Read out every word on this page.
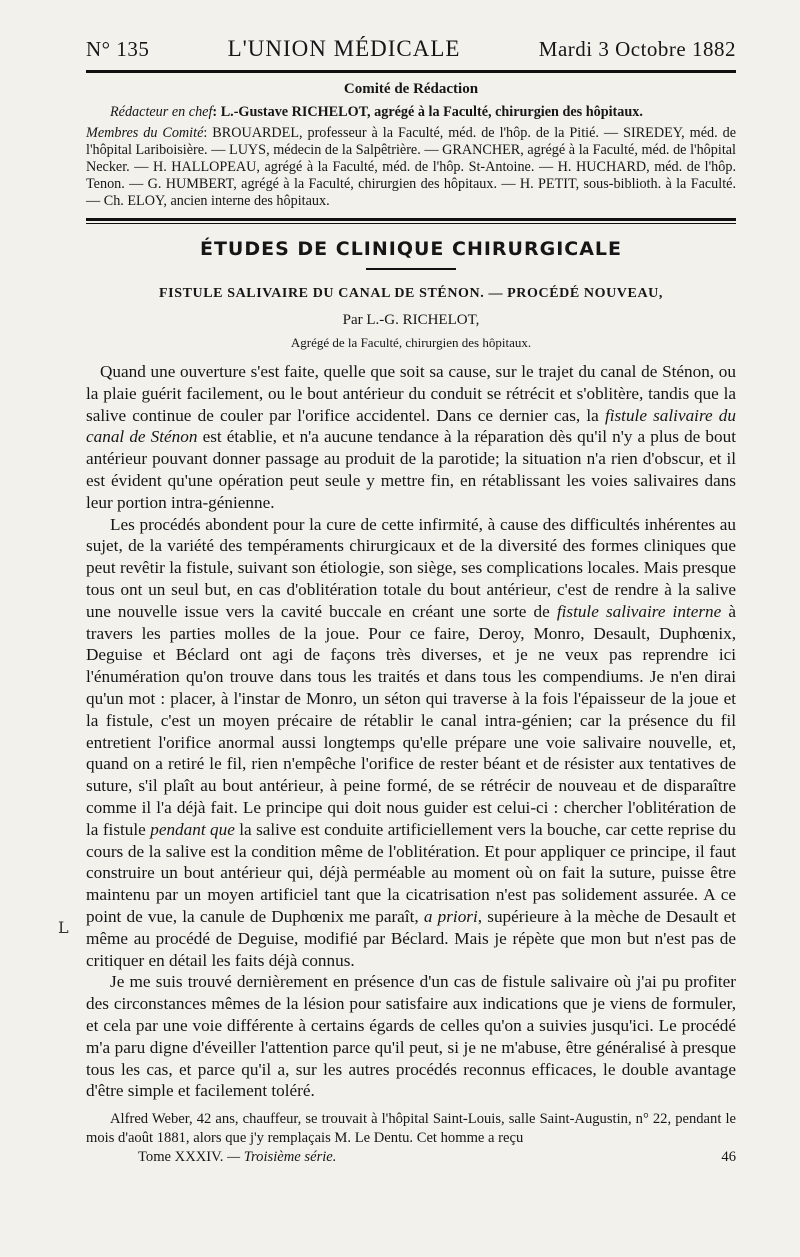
N° 135	L'UNION MÉDICALE	Mardi 3 Octobre 1882
Comité de Rédaction

Rédacteur en chef: L.-Gustave RICHELOT, agrégé à la Faculté, chirurgien des hôpitaux.

Membres du Comité: BROUARDEL, professeur à la Faculté, méd. de l'hôp. de la Pitié. — SIREDEY, méd. de l'hôpital Lariboisière. — LUYS, médecin de la Salpêtrière. — GRANCHER, agrégé à la Faculté, méd. de l'hôpital Necker. — H. HALLOPEAU, agrégé à la Faculté, méd. de l'hôp. St-Antoine. — H. HUCHARD, méd. de l'hôp. Tenon. — G. HUMBERT, agrégé à la Faculté, chirurgien des hôpitaux. — H. PETIT, sous-biblioth. à la Faculté. — Ch. ELOY, ancien interne des hôpitaux.

ÉTUDES DE CLINIQUE CHIRURGICALE
FISTULE SALIVAIRE DU CANAL DE STÉNON. — PROCÉDÉ NOUVEAU,
Par L.-G. RICHELOT,
Agrégé de la Faculté, chirurgien des hôpitaux.

Quand une ouverture s'est faite, quelle que soit sa cause, sur le trajet du canal de Sténon, ou la plaie guérit facilement, ou le bout antérieur du conduit se rétrécit et s'oblitère, tandis que la salive continue de couler par l'orifice accidentel. Dans ce dernier cas, la fistule salivaire du canal de Sténon est établie, et n'a aucune tendance à la réparation dès qu'il n'y a plus de bout antérieur pouvant donner passage au produit de la parotide; la situation n'a rien d'obscur, et il est évident qu'une opération peut seule y mettre fin, en rétablissant les voies salivaires dans leur portion intra-génienne.

Les procédés abondent pour la cure de cette infirmité, à cause des difficultés inhérentes au sujet, de la variété des tempéraments chirurgicaux et de la diversité des formes cliniques que peut revêtir la fistule, suivant son étiologie, son siège, ses complications locales. Mais presque tous ont un seul but, en cas d'oblitération totale du bout antérieur, c'est de rendre à la salive une nouvelle issue vers la cavité buccale en créant une sorte de fistule salivaire interne à travers les parties molles de la joue. Pour ce faire, Deroy, Monro, Desault, Duphœnix, Deguise et Béclard ont agi de façons très diverses, et je ne veux pas reprendre ici l'énumération qu'on trouve dans tous les traités et dans tous les compendiums. Je n'en dirai qu'un mot : placer, à l'instar de Monro, un séton qui traverse à la fois l'épaisseur de la joue et la fistule, c'est un moyen précaire de rétablir le canal intra-génien; car la présence du fil entretient l'orifice anormal aussi longtemps qu'elle prépare une voie salivaire nouvelle, et, quand on a retiré le fil, rien n'empêche l'orifice de rester béant et de résister aux tentatives de suture, s'il plaît au bout antérieur, à peine formé, de se rétrécir de nouveau et de disparaître comme il l'a déjà fait. Le principe qui doit nous guider est celui-ci : chercher l'oblitération de la fistule pendant que la salive est conduite artificiellement vers la bouche, car cette reprise du cours de la salive est la condition même de l'oblitération. Et pour appliquer ce principe, il faut construire un bout antérieur qui, déjà perméable au moment où on fait la suture, puisse être maintenu par un moyen artificiel tant que la cicatrisation n'est pas solidement assurée. A ce point de vue, la canule de Duphœnix me paraît, a priori, supérieure à la mèche de Desault et même au procédé de Deguise, modifié par Béclard. Mais je répète que mon but n'est pas de critiquer en détail les faits déjà connus.

Je me suis trouvé dernièrement en présence d'un cas de fistule salivaire où j'ai pu profiter des circonstances mêmes de la lésion pour satisfaire aux indications que je viens de formuler, et cela par une voie différente à certains égards de celles qu'on a suivies jusqu'ici. Le procédé m'a paru digne d'éveiller l'attention parce qu'il peut, si je ne m'abuse, être généralisé à presque tous les cas, et parce qu'il a, sur les autres procédés reconnus efficaces, le double avantage d'être simple et facilement toléré.

Alfred Weber, 42 ans, chauffeur, se trouvait à l'hôpital Saint-Louis, salle Saint-Augustin, n° 22, pendant le mois d'août 1881, alors que j'y remplaçais M. Le Dentu. Cet homme a reçu
Tome XXXIV. — Troisième série.	46
L
